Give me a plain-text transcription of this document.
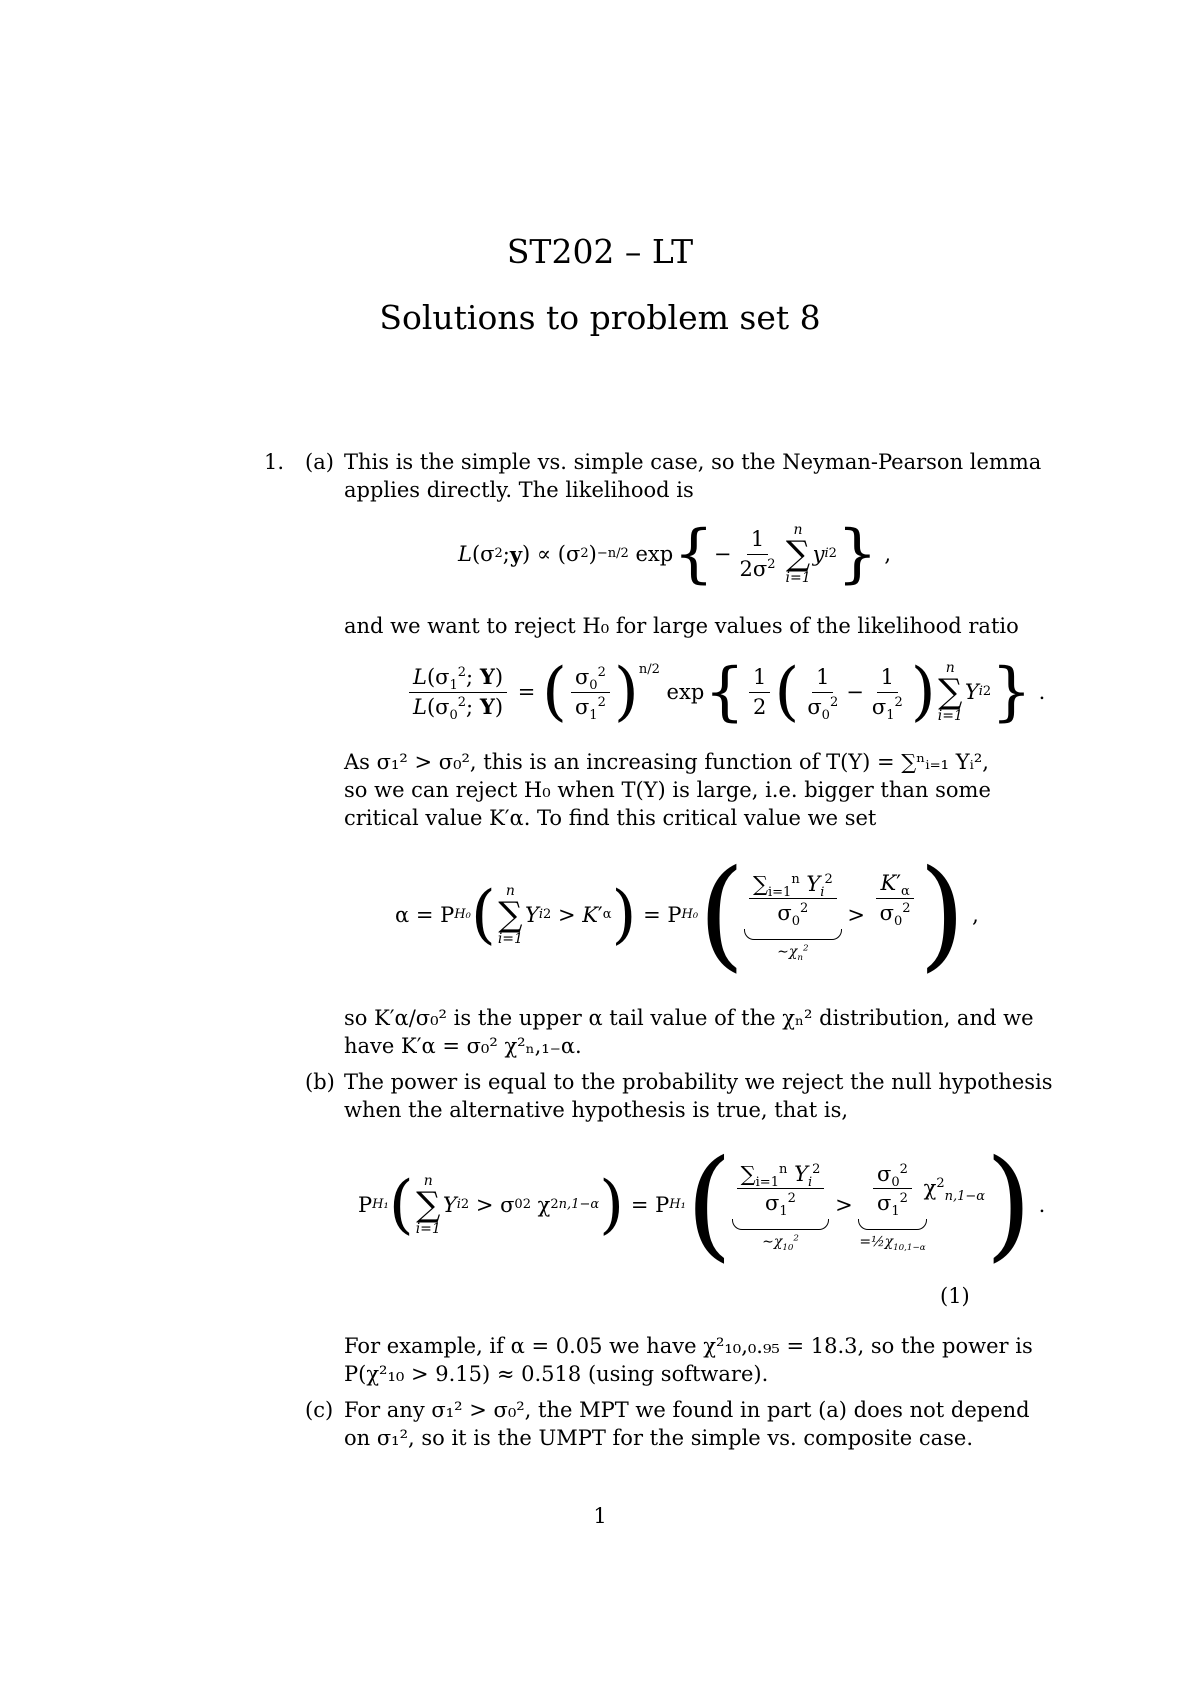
ST202 – LT
Solutions to problem set 8
1. (a) This is the simple vs. simple case, so the Neyman-Pearson lemma
applies directly. The likelihood is
L (σ 2 ; y ) ∝ (σ 2 ) −n/2 exp { − $\frac{1}{2\sigma^2}$ n
∑
i=1
y i 2 } ,
and we want to reject H₀ for large values of the likelihood ratio
$\frac{L(\sigma_1^2; Y)}{L(\sigma_0^2; Y)}$ = ( $\frac{\sigma_0^2}{\sigma_1^2} )^{n/2}$
exp { $\frac{1}{2}$ ( $\frac{1}{\sigma_0^2} - \frac{1}{\sigma_1^2}$ ) n
∑
i=1
Y i 2 } .
As σ₁² > σ₀², this is an increasing function of T(Y) = ∑ⁿᵢ₌₁ Yᵢ²,
so we can reject H₀ when T(Y) is large, i.e. bigger than some
critical value K′α. To find this critical value we set
α = P H₀ ( n
∑
i=1
Y i 2 > K ′ α ) = P H₀ ( $\frac{\sum_{i=1}^n Y_i^2}{\sigma_0^2}$
$\sim\chi_n^2$
> $\frac{K'_\alpha}{\sigma_0^2}$ ) ,
so K′α/σ₀² is the upper α tail value of the χₙ² distribution, and we
have K′α = σ₀² χ²ₙ,₁₋α.
(b) The power is equal to the probability we reject the null hypothesis
when the alternative hypothesis is true, that is,
P H₁ ( n
∑
i=1
Y i 2 > σ 0 2 χ 2 n,1−α ) = P H₁ ( $\frac{\sum_{i=1}^n Y_i^2}{\sigma_1^2}$
$\sim\chi_{10}^2$
> $\frac{\sigma_0^2}{\sigma_1^2}$
$=\frac{1}{2}\chi_{10,1-\alpha}$
$\chi^2_{n,1-\alpha}$ ) .
(1)
For example, if α = 0.05 we have χ²₁₀,₀.₉₅ = 18.3, so the power is
P(χ²₁₀ > 9.15) ≈ 0.518 (using software).
(c) For any σ₁² > σ₀², the MPT we found in part (a) does not depend
on σ₁², so it is the UMPT for the simple vs. composite case.
1
